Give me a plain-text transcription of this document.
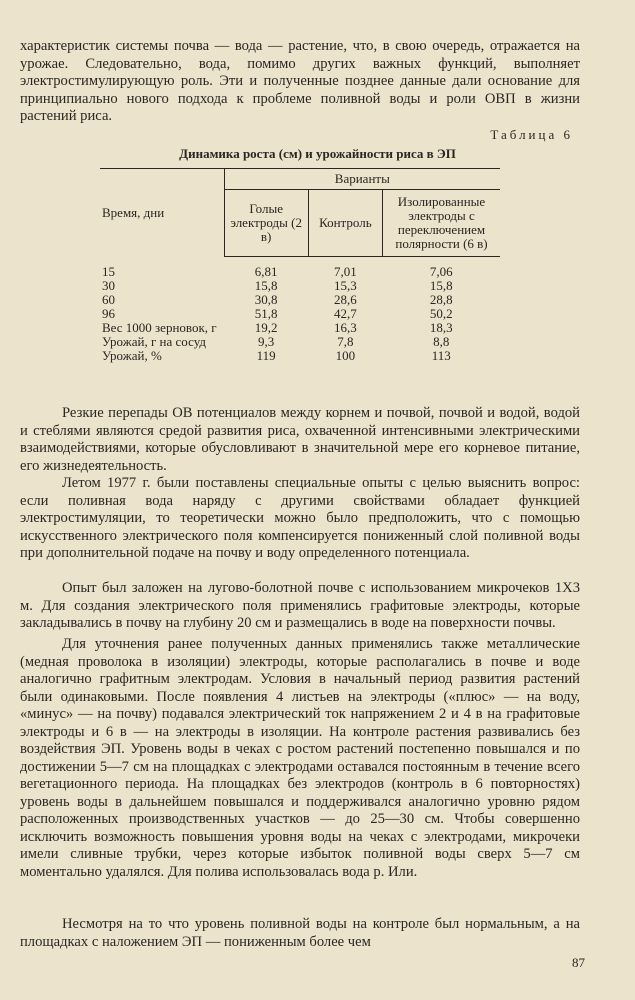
характеристик системы почва — вода — растение, что, в свою очередь, отражается на урожае. Следовательно, вода, помимо других важных функций, выполняет электростимулирующую роль. Эти и полученные позднее данные дали основание для принципиально нового подхода к проблеме поливной воды и роли ОВП в жизни растений риса.

Таблица 6

Динамика роста (см) и урожайности риса в ЭП

Время, дни	Варианты		
	Голые электроды (2 в)	Контроль	Изолированные электроды с переключением полярности (6 в)

15	6,81	7,01	7,06
30	15,8	15,3	15,8
60	30,8	28,6	28,8
96	51,8	42,7	50,2
Вес 1000 зерновок, г	19,2	16,3	18,3
Урожай, г на сосуд	9,3	7,8	8,8
Урожай, %	119	100	113

Резкие перепады ОВ потенциалов между корнем и почвой, почвой и водой, водой и стеблями являются средой развития риса, охваченной интенсивными электрическими взаимодействиями, которые обусловливают в значительной мере его корневое питание, его жизнедеятельность.

Летом 1977 г. были поставлены специальные опыты с целью выяснить вопрос: если поливная вода наряду с другими свойствами обладает функцией электростимуляции, то теоретически можно было предположить, что с помощью искусственного электрического поля компенсируется пониженный слой поливной воды при дополнительной подаче на почву и воду определенного потенциала.

Опыт был заложен на лугово-болотной почве с использованием микрочеков 1Х3 м. Для создания электрического поля применялись графитовые электроды, которые закладывались в почву на глубину 20 см и размещались в воде на поверхности почвы.

Для уточнения ранее полученных данных применялись также металлические (медная проволока в изоляции) электроды, которые располагались в почве и воде аналогично графитным электродам. Условия в начальный период развития растений были одинаковыми. После появления 4 листьев на электроды («плюс» — на воду, «минус» — на почву) подавался электрический ток напряжением 2 и 4 в на графитовые электроды и 6 в — на электроды в изоляции. На контроле растения развивались без воздействия ЭП. Уровень воды в чеках с ростом растений постепенно повышался и по достижении 5—7 см на площадках с электродами оставался постоянным в течение всего вегетационного периода. На площадках без электродов (контроль в 6 повторностях) уровень воды в дальнейшем повышался и поддерживался аналогично уровню рядом расположенных производственных участков — до 25—30 см. Чтобы совершенно исключить возможность повышения уровня воды на чеках с электродами, микрочеки имели сливные трубки, через которые избыток поливной воды сверх 5—7 см моментально удалялся. Для полива использовалась вода р. Или.

Несмотря на то что уровень поливной воды на контроле был нормальным, а на площадках с наложением ЭП — пониженным более чем

87
